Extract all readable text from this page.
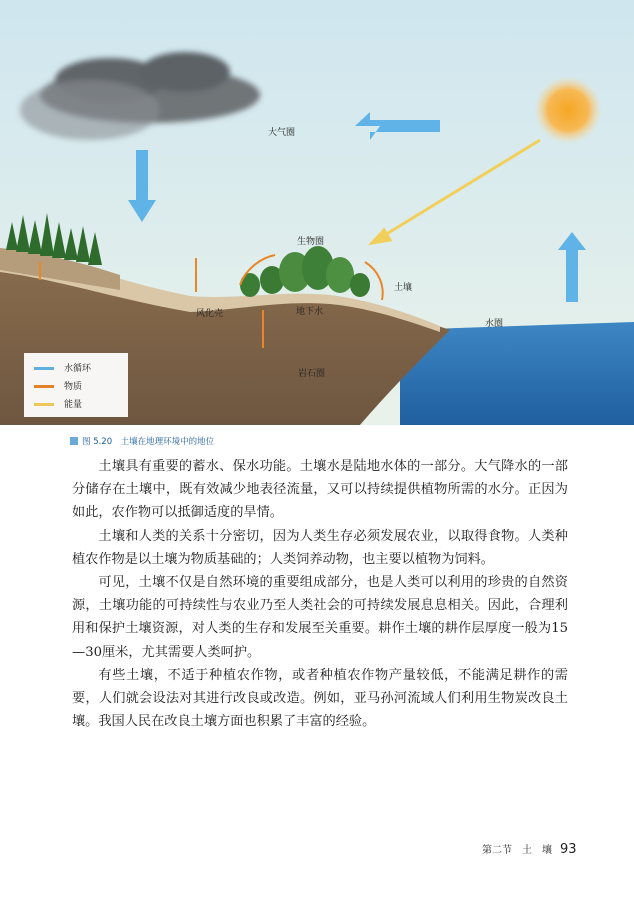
大气圈
生物圈
土壤
风化壳	地下水
水圈
岩石圈
水循环
物质
能量
图 5.20　土壤在地理环境中的地位

土壤具有重要的蓄水、保水功能。土壤水是陆地水体的一部分。大气降水的一部分储存在土壤中，既有效减少地表径流量，又可以持续提供植物所需的水分。正因为如此，农作物可以抵御适度的旱情。

土壤和人类的关系十分密切，因为人类生存必须发展农业，以取得食物。人类种植农作物是以土壤为物质基础的；人类饲养动物，也主要以植物为饲料。

可见，土壤不仅是自然环境的重要组成部分，也是人类可以利用的珍贵的自然资源，土壤功能的可持续性与农业乃至人类社会的可持续发展息息相关。因此，合理利用和保护土壤资源，对人类的生存和发展至关重要。耕作土壤的耕作层厚度一般为15—30厘米，尤其需要人类呵护。

有些土壤，不适于种植农作物，或者种植农作物产量较低，不能满足耕作的需要，人们就会设法对其进行改良或改造。例如，亚马孙河流域人们利用生物炭改良土壤。我国人民在改良土壤方面也积累了丰富的经验。

第二节　土　壤 93
